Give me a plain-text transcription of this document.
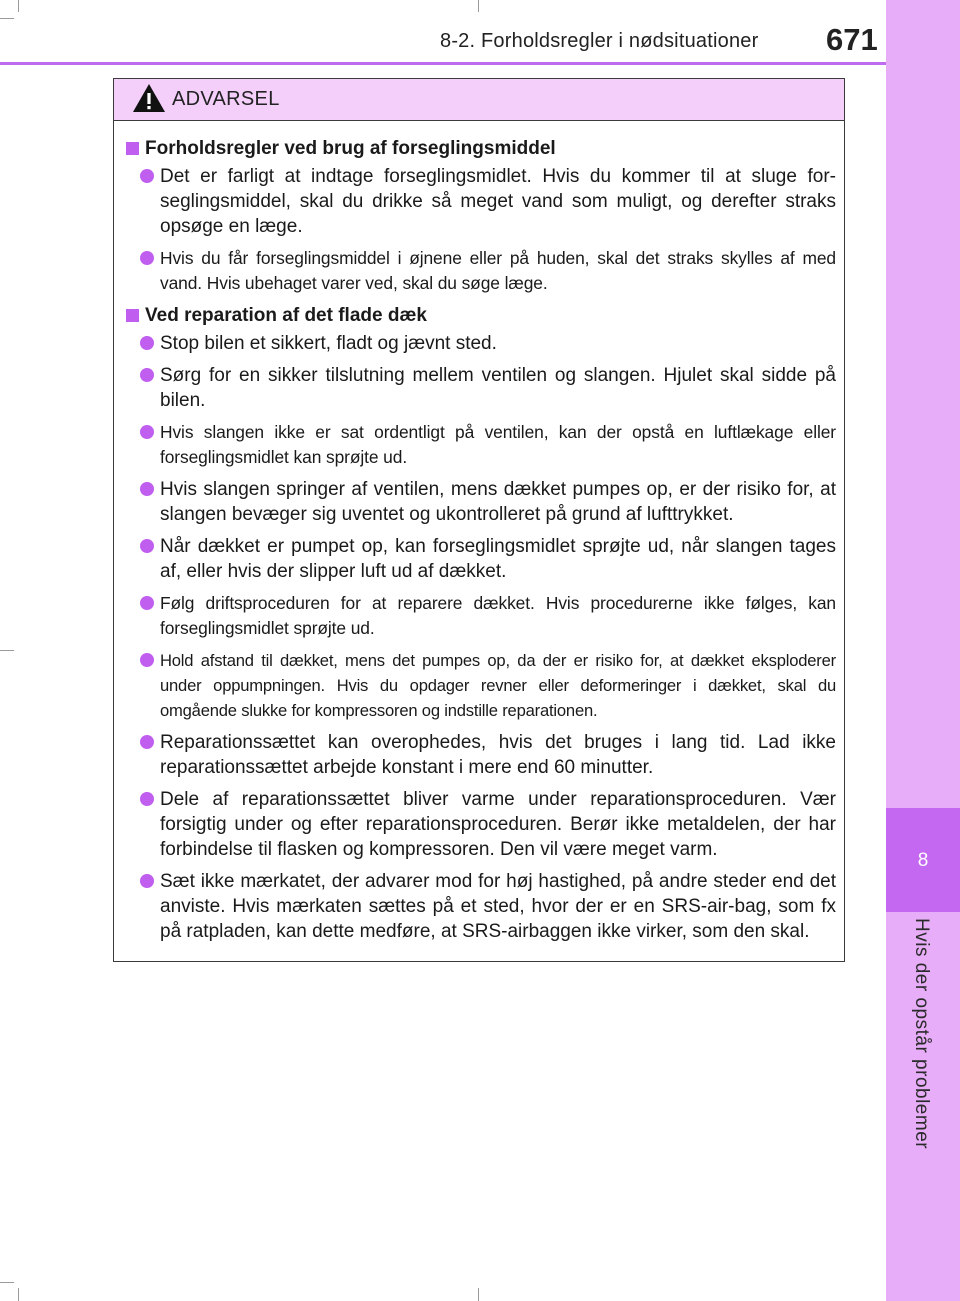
8
Hvis der opstår problemer
8-2. Forholdsregler i nødsituationer	671
ADVARSEL
Forholdsregler ved brug af forseglingsmiddel
Det er farligt at indtage forseglingsmidlet. Hvis du kommer til at sluge for-seglingsmiddel, skal du drikke så meget vand som muligt, og derefter straks opsøge en læge.
Hvis du får forseglingsmiddel i øjnene eller på huden, skal det straks skylles af med vand. Hvis ubehaget varer ved, skal du søge læge.
Ved reparation af det flade dæk
Stop bilen et sikkert, fladt og jævnt sted.
Sørg for en sikker tilslutning mellem ventilen og slangen. Hjulet skal sidde på bilen.
Hvis slangen ikke er sat ordentligt på ventilen, kan der opstå en luftlækage eller forseglingsmidlet kan sprøjte ud.
Hvis slangen springer af ventilen, mens dækket pumpes op, er der risiko for, at slangen bevæger sig uventet og ukontrolleret på grund af lufttrykket.
Når dækket er pumpet op, kan forseglingsmidlet sprøjte ud, når slangen tages af, eller hvis der slipper luft ud af dækket.
Følg driftsproceduren for at reparere dækket. Hvis procedurerne ikke følges, kan forseglingsmidlet sprøjte ud.
Hold afstand til dækket, mens det pumpes op, da der er risiko for, at dækket eksploderer under oppumpningen. Hvis du opdager revner eller deformeringer i dækket, skal du omgående slukke for kompressoren og indstille reparationen.
Reparationssættet kan overophedes, hvis det bruges i lang tid. Lad ikke reparationssættet arbejde konstant i mere end 60 minutter.
Dele af reparationssættet bliver varme under reparationsproceduren. Vær forsigtig under og efter reparationsproceduren. Berør ikke metaldelen, der har forbindelse til flasken og kompressoren. Den vil være meget varm.
Sæt ikke mærkatet, der advarer mod for høj hastighed, på andre steder end det anviste. Hvis mærkaten sættes på et sted, hvor der er en SRS-air-bag, som fx på ratpladen, kan dette medføre, at SRS-airbaggen ikke virker, som den skal.
